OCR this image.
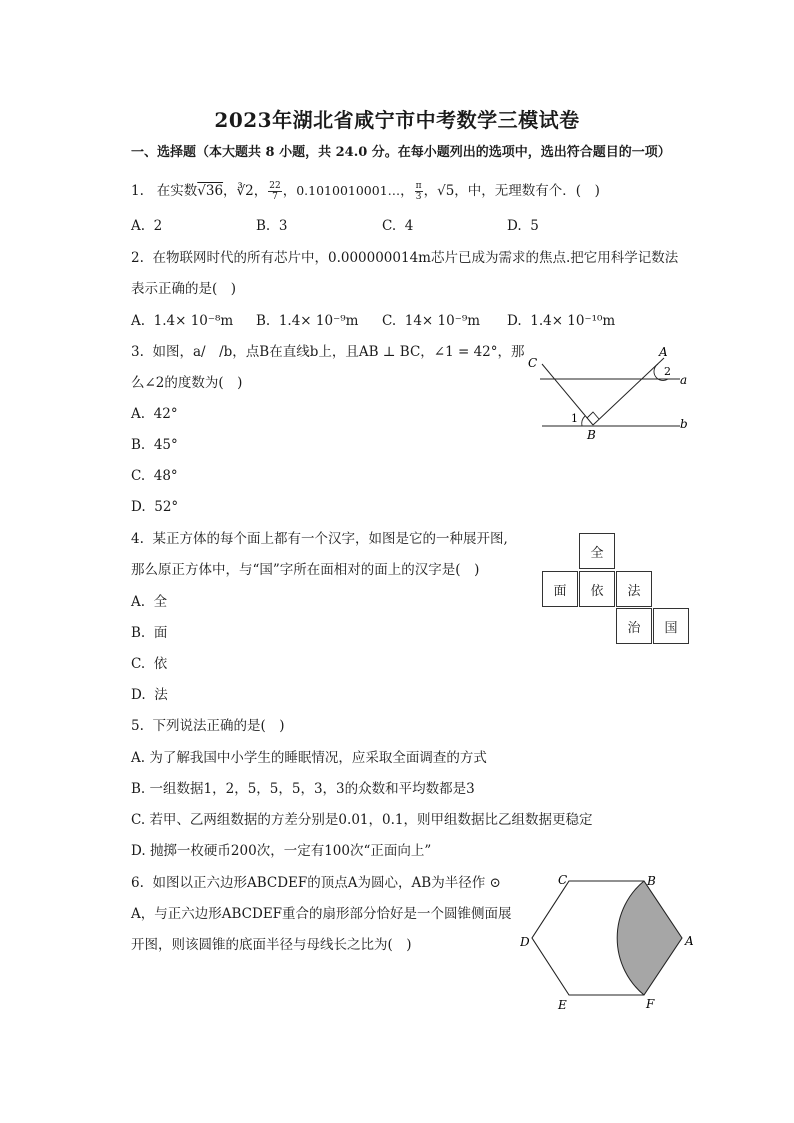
2023年湖北省咸宁市中考数学三模试卷
一、选择题（本大题共 8 小题，共 24.0 分。在每小题列出的选项中，选出符合题目的一项）
1. 在实数√36，∛2， $\frac{22}{7}$ ，0.1010010001…， $\frac{\pi}{3}$ ，√5，中，无理数有个．(　)
A. 2	B. 3	C. 4	D. 5
2. 在物联网时代的所有芯片中，0.000000014m芯片已成为需求的焦点.把它用科学记数法
表示正确的是(　)
A. 1.4× 10⁻⁸m B. 1.4× 10⁻⁹m C. 14× 10⁻⁹m D. 1.4× 10⁻¹⁰m
3. 如图，a/　/b，点B在直线b上，且AB ⊥ BC，∠1 = 42°，那
么∠2的度数为(　)
A. 42°
B. 45°
C. 48°
D. 52°
C
A
B
a
b
1
2
4. 某正方体的每个面上都有一个汉字，如图是它的一种展开图,
那么原正方体中，与“国”字所在面相对的面上的汉字是(　)
A. 全
B. 面
C. 依
D. 法
全
面	依	法
治	国
5. 下列说法正确的是(　)
A. 为了解我国中小学生的睡眠情况，应采取全面调查的方式
B. 一组数据1，2，5，5，5，3，3的众数和平均数都是3
C. 若甲、乙两组数据的方差分别是0.01，0.1，则甲组数据比乙组数据更稳定
D. 抛掷一枚硬币200次，一定有100次“正面向上”
6. 如图以正六边形ABCDEF的顶点A为圆心，AB为半径作 ⊙
A，与正六边形ABCDEF重合的扇形部分恰好是一个圆锥侧面展
开图，则该圆锥的底面半径与母线长之比为(　)	A
B
C
D
E	F
